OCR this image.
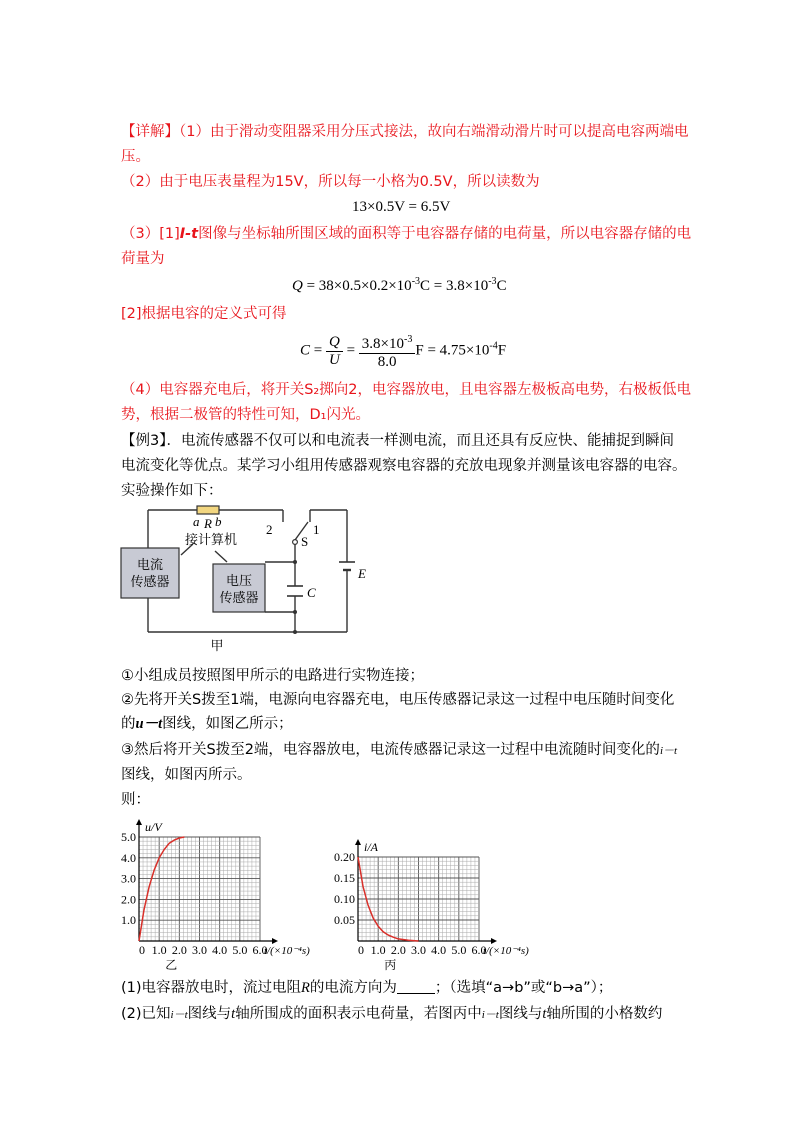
【详解】（1）由于滑动变阻器采用分压式接法，故向右端滑动滑片时可以提高电容两端电
压。
（2）由于电压表量程为15V，所以每一小格为0.5V，所以读数为
13×0.5V = 6.5V
（3）[1]I-t图像与坐标轴所围区域的面积等于电容器存储的电荷量，所以电容器存储的电
荷量为
$Q = 38\times 0.5\times 0.2\times 10^{-3}C = 3.8\times 10^{-3}C$
[2]根据电容的定义式可得
$C = \frac{Q}{U} = \frac{3.8\times 10^{-3}}{8.0}$ $F = 4.75\times 10^{-4}F$
（4）电容器充电后，将开关S₂掷向2，电容器放电，且电容器左极板高电势，右极板低电
势，根据二极管的特性可知，D₁闪光。
【例3】．电流传感器不仅可以和电流表一样测电流，而且还具有反应快、能捕捉到瞬间
电流变化等优点。某学习小组用传感器观察电容器的充放电现象并测量该电容器的电容。
实验操作如下：
电流
传感器	电压
传感器
接计算机
甲
a R b
S
C
E
2	1
①小组成员按照图甲所示的电路进行实物连接；
②先将开关S拨至1端，电源向电容器充电，电压传感器记录这一过程中电压随时间变化
的u－t图线，如图乙所示；
③然后将开关S拨至2端，电容器放电，电流传感器记录这一过程中电流随时间变化的i－t
图线，如图丙所示。
则：
0 1.0 2.0 3.0 4.0 5.0 6.0
1.0
2.0
3.0
4.0
5.0
u/V
t/(×10⁻⁴s)
乙
0 1.0 2.0 3.0 4.0 5.0 6.0
0.05
0.10
0.15
0.20
i/A
t/(×10⁻⁴s)
丙
(1)电容器放电时，流过电阻R的电流方向为	；（选填“a→b”或“b→a”）；
(2)已知i－t图线与t轴所围成的面积表示电荷量，若图丙中i－t图线与t轴所围的小格数约
